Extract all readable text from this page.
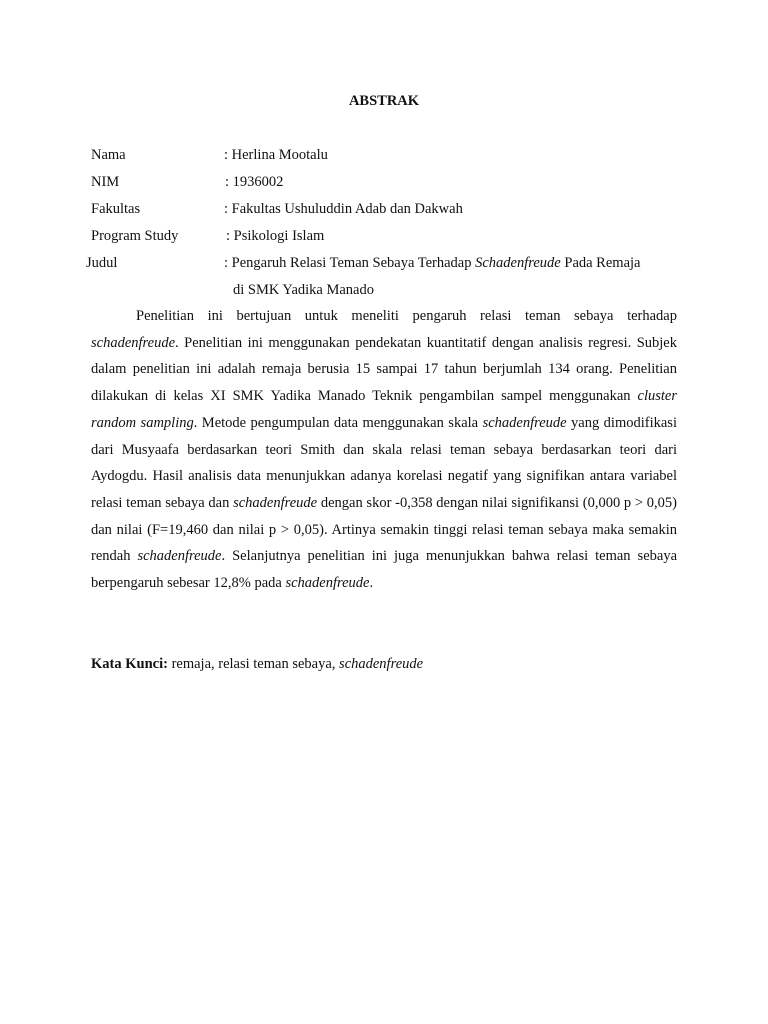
ABSTRAK
Nama	: Herlina Mootalu
NIM	: 1936002
Fakultas	: Fakultas Ushuluddin Adab dan Dakwah
Program Study	: Psikologi Islam
Judul	: Pengaruh Relasi Teman Sebaya Terhadap Schadenfreude Pada Remaja
di SMK Yadika Manado

Penelitian ini bertujuan untuk meneliti pengaruh relasi teman sebaya terhadap schadenfreude. Penelitian ini menggunakan pendekatan kuantitatif dengan analisis regresi. Subjek dalam penelitian ini adalah remaja berusia 15 sampai 17 tahun berjumlah 134 orang. Penelitian dilakukan di kelas XI SMK Yadika Manado Teknik pengambilan sampel menggunakan cluster random sampling. Metode pengumpulan data menggunakan skala schadenfreude yang dimodifikasi dari Musyaafa berdasarkan teori Smith dan skala relasi teman sebaya berdasarkan teori dari Aydogdu. Hasil analisis data menunjukkan adanya korelasi negatif yang signifikan antara variabel relasi teman sebaya dan schadenfreude dengan skor -0,358 dengan nilai signifikansi (0,000 p > 0,05) dan nilai (F=19,460 dan nilai p > 0,05). Artinya semakin tinggi relasi teman sebaya maka semakin rendah schadenfreude. Selanjutnya penelitian ini juga menunjukkan bahwa relasi teman sebaya berpengaruh sebesar 12,8% pada schadenfreude.

Kata Kunci: remaja, relasi teman sebaya, schadenfreude
